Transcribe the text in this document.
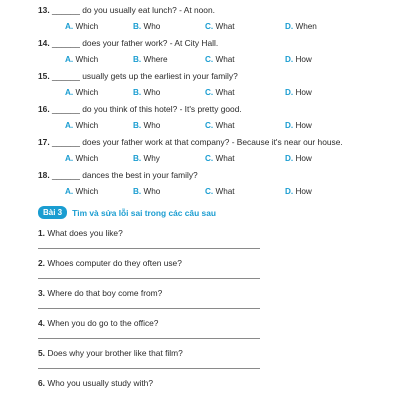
13. ______ do you usually eat lunch? - At noon.
A. Which	B. Who	C. What	D. When
14. ______ does your father work? - At City Hall.
A. Which	B. Where	C. What	D. How
15. ______ usually gets up the earliest in your family?
A. Which	B. Who	C. What	D. How
16. ______ do you think of this hotel? - It's pretty good.
A. Which	B. Who	C. What	D. How
17. ______ does your father work at that company? - Because it's near our house.
A. Which	B. Why	C. What	D. How
18. ______ dances the best in your family?
A. Which	B. Who	C. What	D. How
Bài 3	Tìm và sửa lỗi sai trong các câu sau
1. What does you like?
2. Whoes computer do they often use?
3. Where do that boy come from?
4. When you do go to the office?
5. Does why your brother like that film?
6. Who you usually study with?
